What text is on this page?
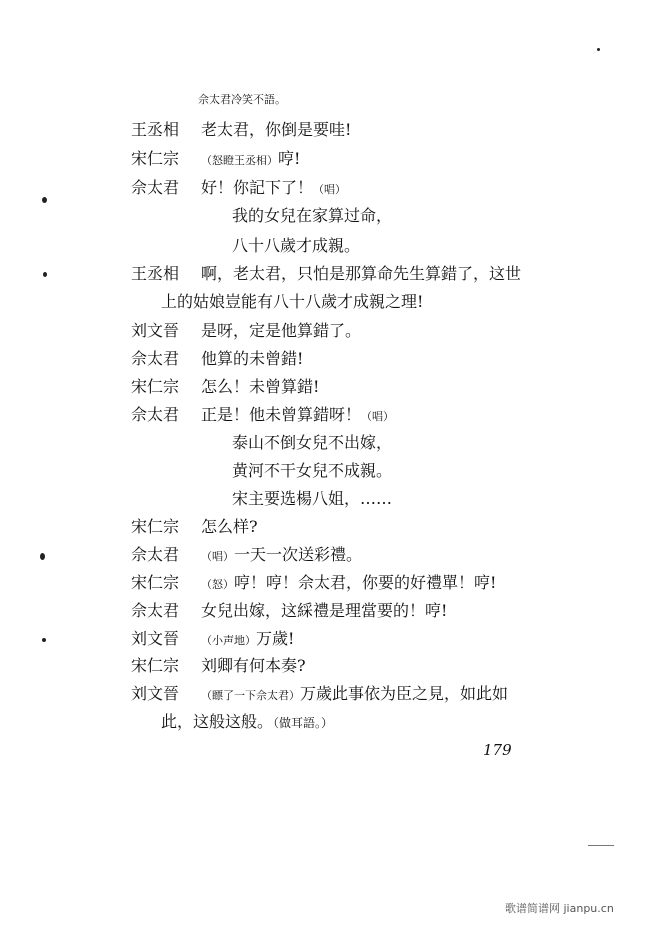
佘太君冷笑不語。
王丞相 老太君，你倒是要哇!
宋仁宗 （怒瞪王丞相）哼!
佘太君 好！你記下了！（唱）
我的女兒在家算过命，
八十八歲才成親。
王丞相 啊，老太君，只怕是那算命先生算錯了，这世
上的姑娘豈能有八十八歲才成親之理!
刘文晉 是呀，定是他算錯了。
佘太君 他算的未曾錯!
宋仁宗 怎么！未曾算錯!
佘太君 正是！他未曾算錯呀！（唱）
泰山不倒女兒不出嫁，
黄河不干女兒不成親。
宋主要选楊八姐，……
宋仁宗 怎么样?
佘太君 （唱）一天一次送彩禮。
宋仁宗 （怒）哼！哼！佘太君，你要的好禮單！哼!
佘太君 女兒出嫁，这綵禮是理當要的！哼!
刘文晉 （小声地）万歲!
宋仁宗 刘卿有何本奏?
刘文晉 （瞟了一下佘太君）万歲此事依为臣之見，如此如
此，这般这般。（做耳語。）
179
歌谱简谱网 jianpu.cn
